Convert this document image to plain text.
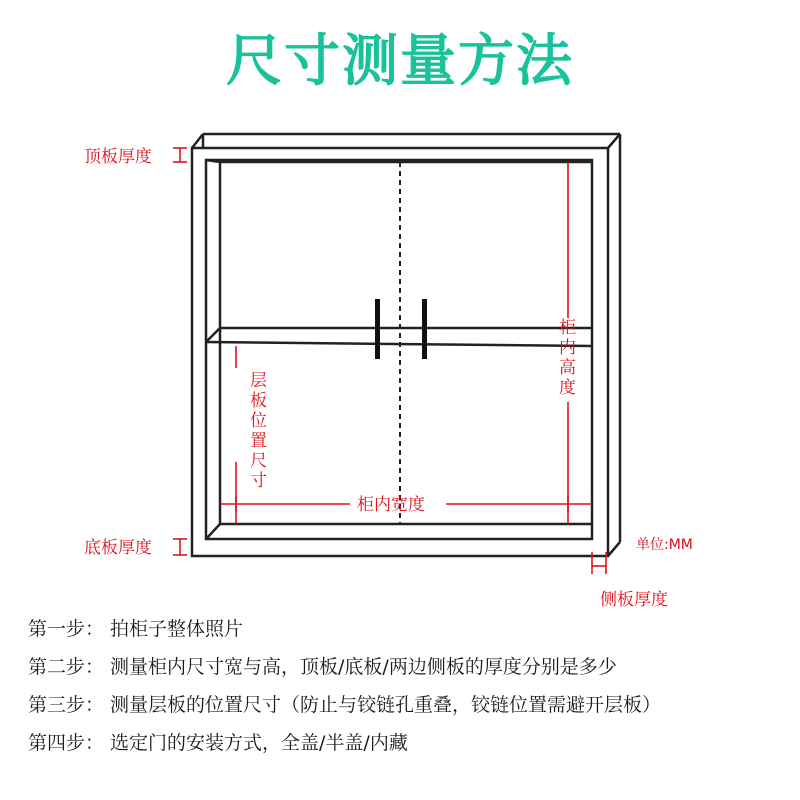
尺寸测量方法
顶板厚度
底板厚度
侧板厚度
单位:MM
柜内宽度
柜
内
高
度
层
板
位
置
尺
寸
第一步： 拍柜子整体照片
第二步： 测量柜内尺寸宽与高，顶板/底板/两边侧板的厚度分别是多少
第三步： 测量层板的位置尺寸（防止与铰链孔重叠，铰链位置需避开层板）
第四步： 选定门的安装方式，全盖/半盖/内藏
